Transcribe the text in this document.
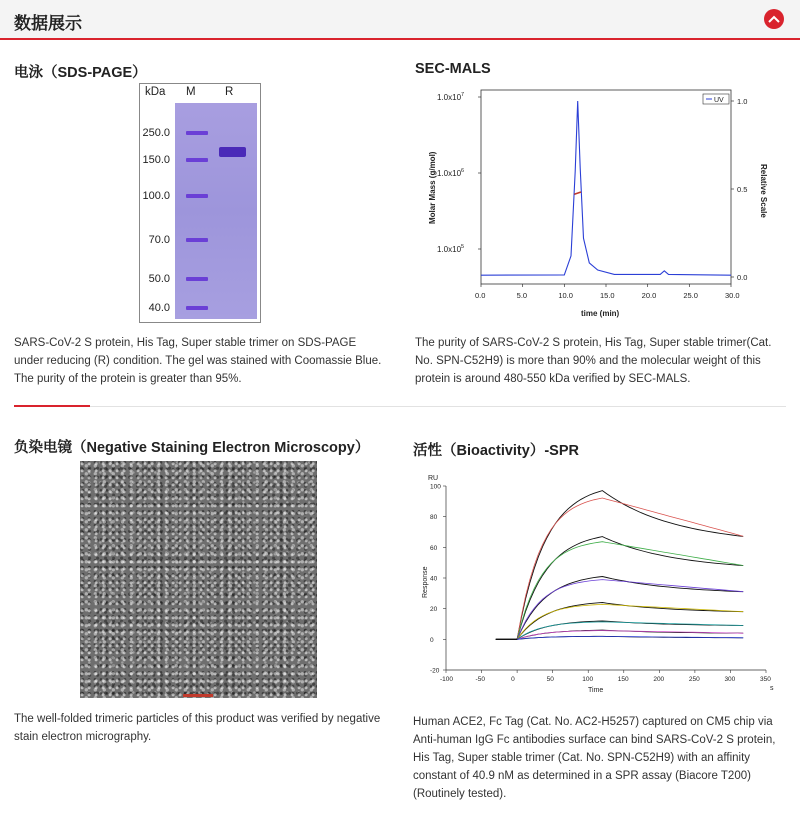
数据展示
电泳（SDS-PAGE）
kDa M	R
250.0
150.0
100.0
70.0
50.0
40.0
SARS-CoV-2 S protein, His Tag, Super stable trimer on SDS-PAGE under reducing (R) condition. The gel was stained with Coomassie Blue. The purity of the protein is greater than 95%.
SEC-MALS
UV
$1.0x10^7$
$1.0x10^6$
$1.0x10^5$
Molar Mass (g/mol)	Relative Scale
time (min)
0.0	5.0	10.0	15.0	20.0	25.0	30.0
1.0
0.5
0.0
The purity of SARS-CoV-2 S protein, His Tag, Super stable trimer(Cat. No. SPN-C52H9) is more than 90% and the molecular weight of this protein is around 480-550 kDa verified by SEC-MALS.
负染电镜（Negative Staining Electron Microscopy）
The well-folded trimeric particles of this product was verified by negative stain electron micrography.
活性（Bioactivity）-SPR
RU
s
Response
Time
-100	-50	0	50	100	150	200	250	300	350
100
80
60
40
20
0
-20
Human ACE2, Fc Tag (Cat. No. AC2-H5257) captured on CM5 chip via Anti-human IgG Fc antibodies surface can bind SARS-CoV-2 S protein, His Tag, Super stable trimer (Cat. No. SPN-C52H9) with an affinity constant of 40.9 nM as determined in a SPR assay (Biacore T200) (Routinely tested).
